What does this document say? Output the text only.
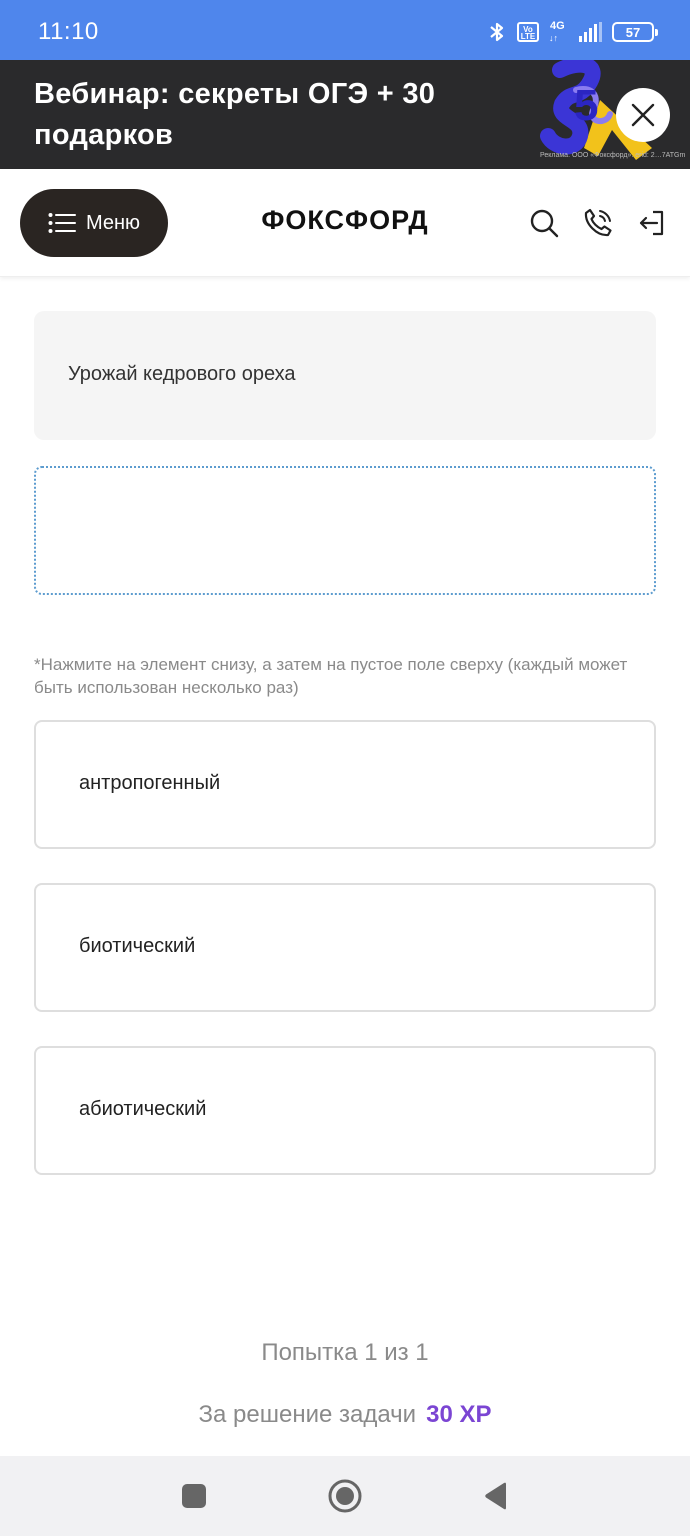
11:10	Vo LTE
4G
↓↑	57
Вебинар: секреты ОГЭ + 30 подарков
5
Реклама. ООО «Фоксфорд». erid: 2…7ATGm
Меню	ФОКСФОРД
Урожай кедрового ореха
*Нажмите на элемент снизу, а затем на пустое поле сверху (каждый может быть использован несколько раз)
антропогенный
биотический
абиотический
Попытка 1 из 1
За решение задачи 30 XP
